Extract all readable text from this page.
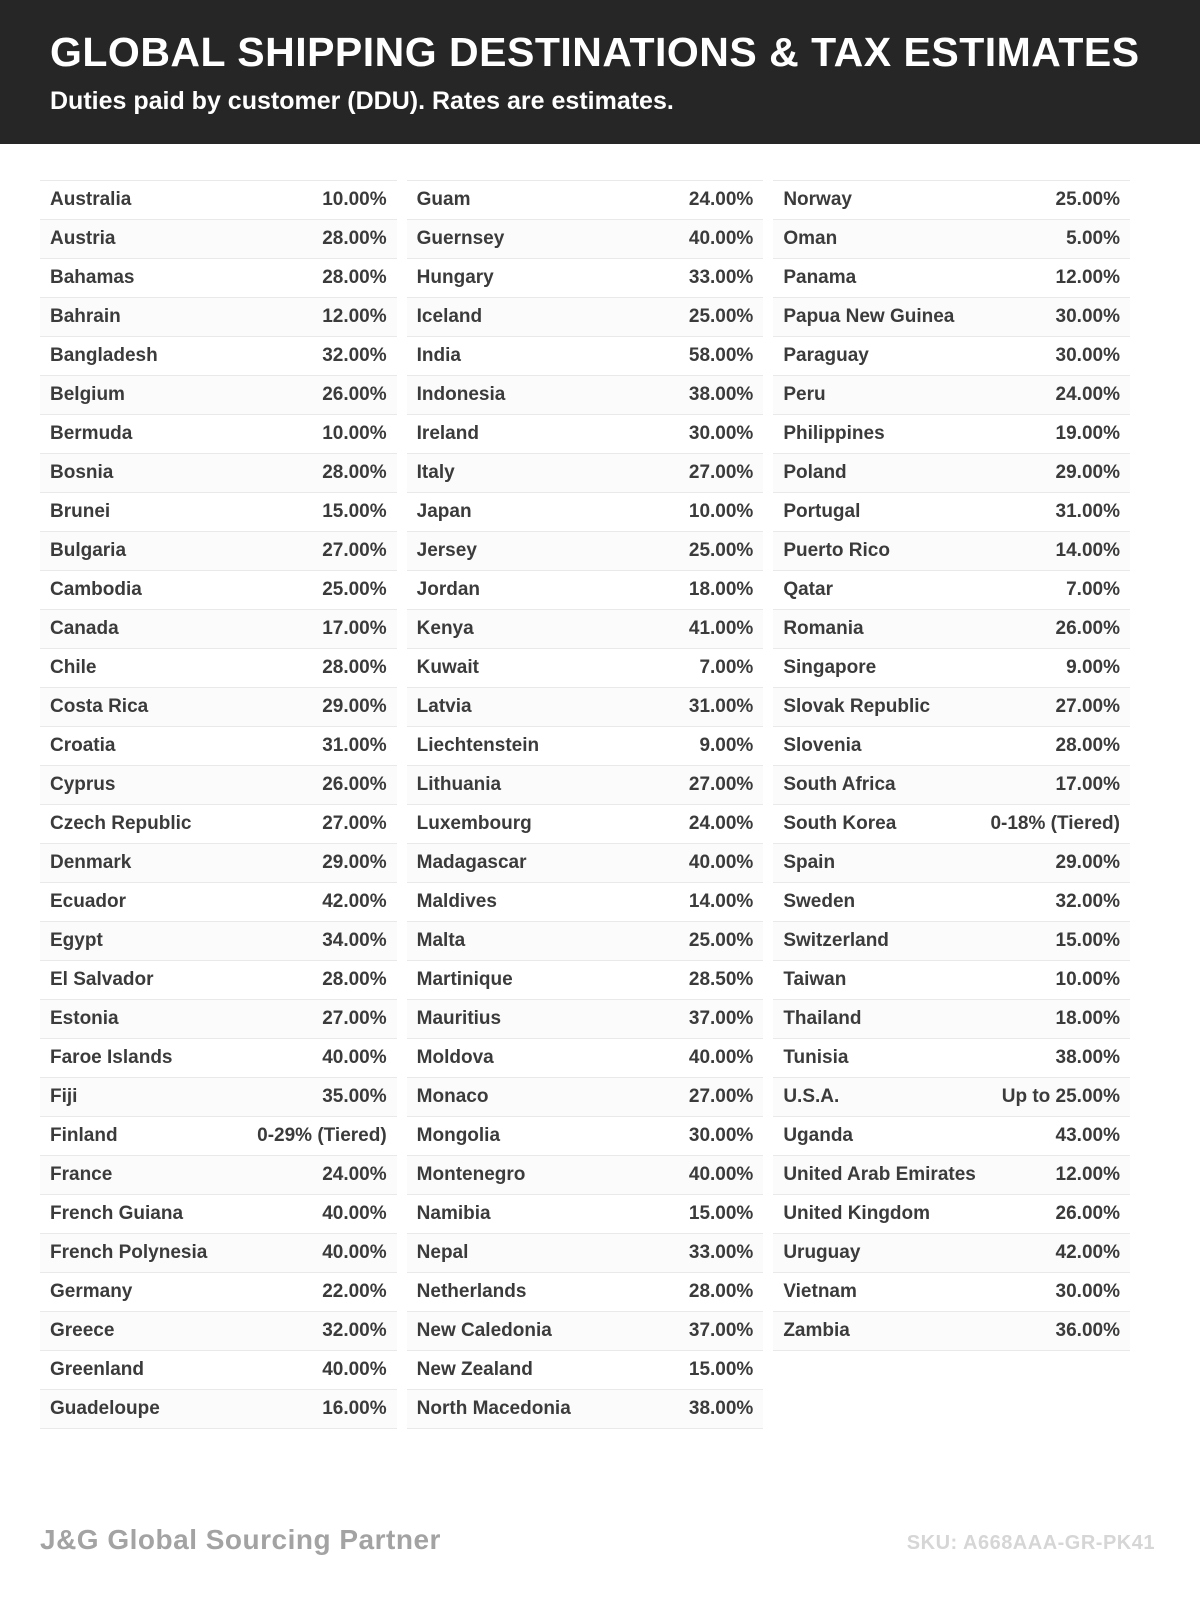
GLOBAL SHIPPING DESTINATIONS & TAX ESTIMATES

Duties paid by customer (DDU). Rates are estimates.

Australia	10.00%
Austria	28.00%
Bahamas	28.00%
Bahrain	12.00%
Bangladesh	32.00%
Belgium	26.00%
Bermuda	10.00%
Bosnia	28.00%
Brunei	15.00%
Bulgaria	27.00%
Cambodia	25.00%
Canada	17.00%
Chile	28.00%
Costa Rica	29.00%
Croatia	31.00%
Cyprus	26.00%
Czech Republic	27.00%
Denmark	29.00%
Ecuador	42.00%
Egypt	34.00%
El Salvador	28.00%
Estonia	27.00%
Faroe Islands	40.00%
Fiji	35.00%
Finland	0-29% (Tiered)
France	24.00%
French Guiana	40.00%
French Polynesia	40.00%
Germany	22.00%
Greece	32.00%
Greenland	40.00%
Guadeloupe	16.00%
Guam	24.00%
Guernsey	40.00%
Hungary	33.00%
Iceland	25.00%
India	58.00%
Indonesia	38.00%
Ireland	30.00%
Italy	27.00%
Japan	10.00%
Jersey	25.00%
Jordan	18.00%
Kenya	41.00%
Kuwait	7.00%
Latvia	31.00%
Liechtenstein	9.00%
Lithuania	27.00%
Luxembourg	24.00%
Madagascar	40.00%
Maldives	14.00%
Malta	25.00%
Martinique	28.50%
Mauritius	37.00%
Moldova	40.00%
Monaco	27.00%
Mongolia	30.00%
Montenegro	40.00%
Namibia	15.00%
Nepal	33.00%
Netherlands	28.00%
New Caledonia	37.00%
New Zealand	15.00%
North Macedonia	38.00%
Norway	25.00%
Oman	5.00%
Panama	12.00%
Papua New Guinea	30.00%
Paraguay	30.00%
Peru	24.00%
Philippines	19.00%
Poland	29.00%
Portugal	31.00%
Puerto Rico	14.00%
Qatar	7.00%
Romania	26.00%
Singapore	9.00%
Slovak Republic	27.00%
Slovenia	28.00%
South Africa	17.00%
South Korea	0-18% (Tiered)
Spain	29.00%
Sweden	32.00%
Switzerland	15.00%
Taiwan	10.00%
Thailand	18.00%
Tunisia	38.00%
U.S.A.	Up to 25.00%
Uganda	43.00%
United Arab Emirates	12.00%
United Kingdom	26.00%
Uruguay	42.00%
Vietnam	30.00%
Zambia	36.00%
J&G Global Sourcing Partner	SKU: A668AAA-GR-PK41
